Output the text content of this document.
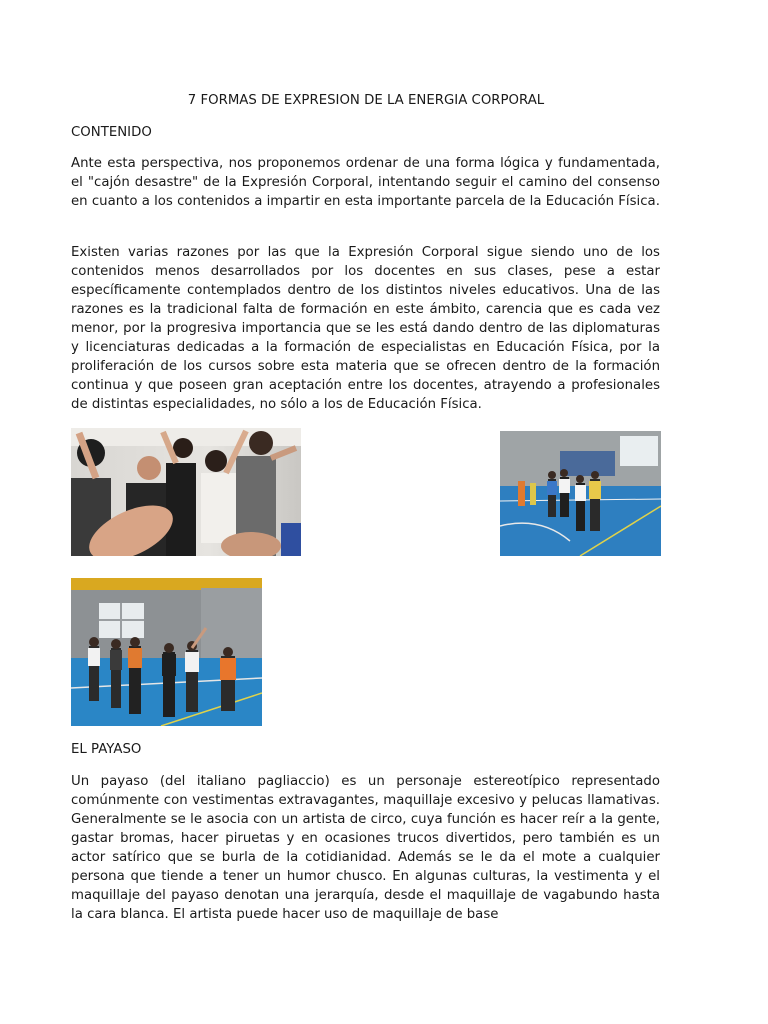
7 FORMAS DE EXPRESION DE LA ENERGIA CORPORAL
CONTENIDO
Ante esta perspectiva, nos proponemos ordenar de una forma lógica y fundamentada, el "cajón desastre" de la Expresión Corporal, intentando seguir el camino del consenso en cuanto a los contenidos a impartir en esta importante parcela de la Educación Física.
Existen varias razones por las que la Expresión Corporal sigue siendo uno de los contenidos menos desarrollados por los docentes en sus clases, pese a estar específicamente contemplados dentro de los distintos niveles educativos. Una de las razones es la tradicional falta de formación en este ámbito, carencia que es cada vez menor, por la progresiva importancia que se les está dando dentro de las diplomaturas y licenciaturas dedicadas a la formación de especialistas en Educación Física, por la proliferación de los cursos sobre esta materia que se ofrecen dentro de la formación continua y que poseen gran aceptación entre los docentes, atrayendo a profesionales de distintas especialidades, no sólo a los de Educación Física.
EL PAYASO
Un payaso (del italiano pagliaccio) es un personaje estereotípico representado comúnmente con vestimentas extravagantes, maquillaje excesivo y pelucas llamativas. Generalmente se le asocia con un artista de circo, cuya función es hacer reír a la gente, gastar bromas, hacer piruetas y en ocasiones trucos divertidos, pero también es un actor satírico que se burla de la cotidianidad. Además se le da el mote a cualquier persona que tiende a tener un humor chusco. En algunas culturas, la vestimenta y el maquillaje del payaso denotan una jerarquía, desde el maquillaje de vagabundo hasta la cara blanca. El artista puede hacer uso de maquillaje de base
